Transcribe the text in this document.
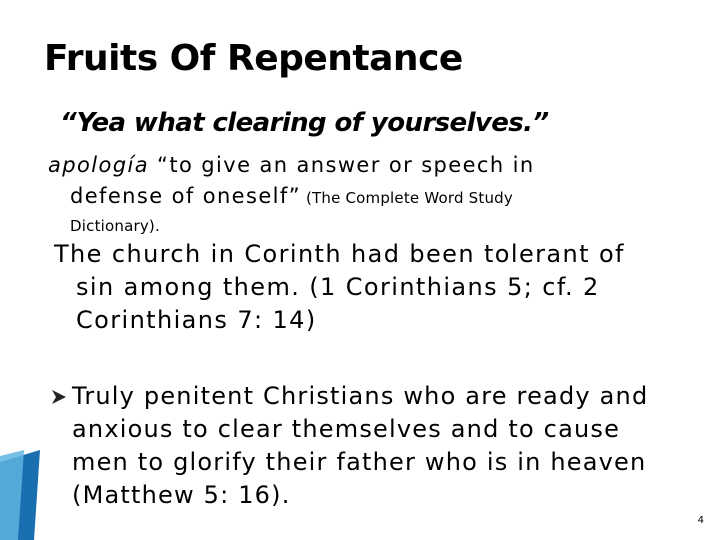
Fruits Of Repentance
“Yea what clearing of yourselves.”
apología “to give an answer or speech in
defense of oneself” (The Complete Word Study
Dictionary).
The church in Corinth had been tolerant of
sin among them. (1 Corinthians 5; cf. 2
Corinthians 7: 14)
Truly penitent Christians who are ready and
anxious to clear themselves and to cause
men to glorify their father who is in heaven
(Matthew 5: 16).
4
